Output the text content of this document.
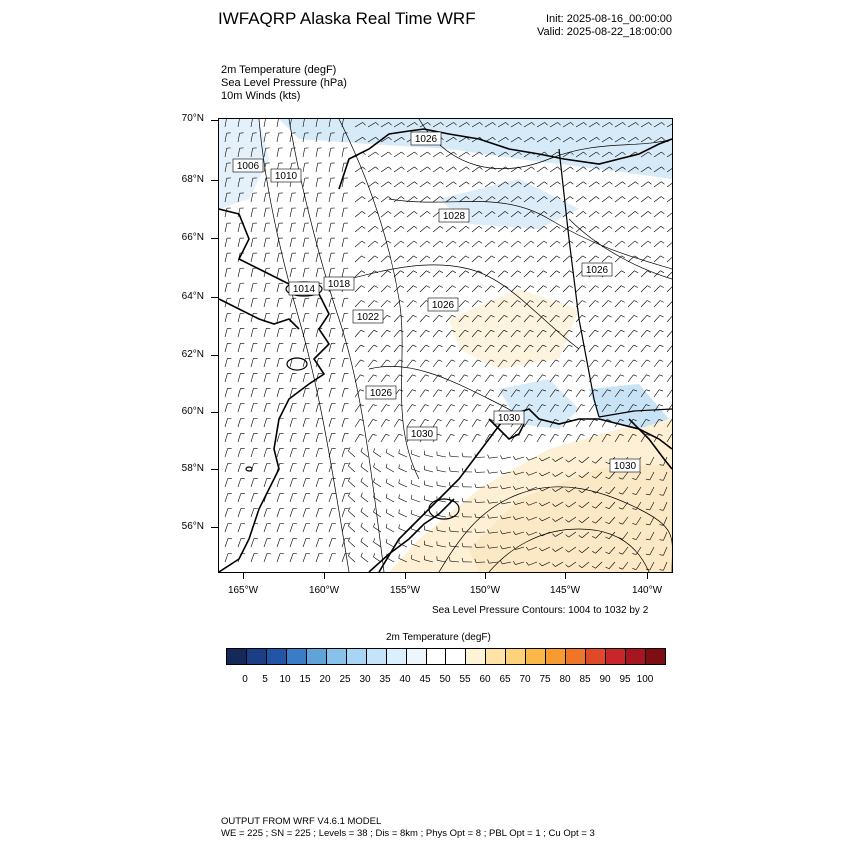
IWFAQRP Alaska Real Time WRF	Init: 2025-08-16_00:00:00
Valid: 2025-08-22_18:00:00
2m Temperature (degF)
Sea Level Pressure (hPa)
10m Winds (kts)
1006
1010
1014 1018
1022
1026
1026
1026
1030
1030
1026
1028
1030
70°N
68°N
66°N
64°N
62°N
60°N
58°N
56°N
165°W	160°W	155°W	150°W	145°W	140°W
Sea Level Pressure Contours: 1004 to 1032 by 2
2m Temperature (degF)
0	5	10 15 20 25 30 35 40 45 50 55 60 65 70 75 80 85 90 95 100
OUTPUT FROM WRF V4.6.1 MODEL
WE = 225 ; SN = 225 ; Levels = 38 ; Dis = 8km ; Phys Opt = 8 ; PBL Opt = 1 ; Cu Opt = 3
